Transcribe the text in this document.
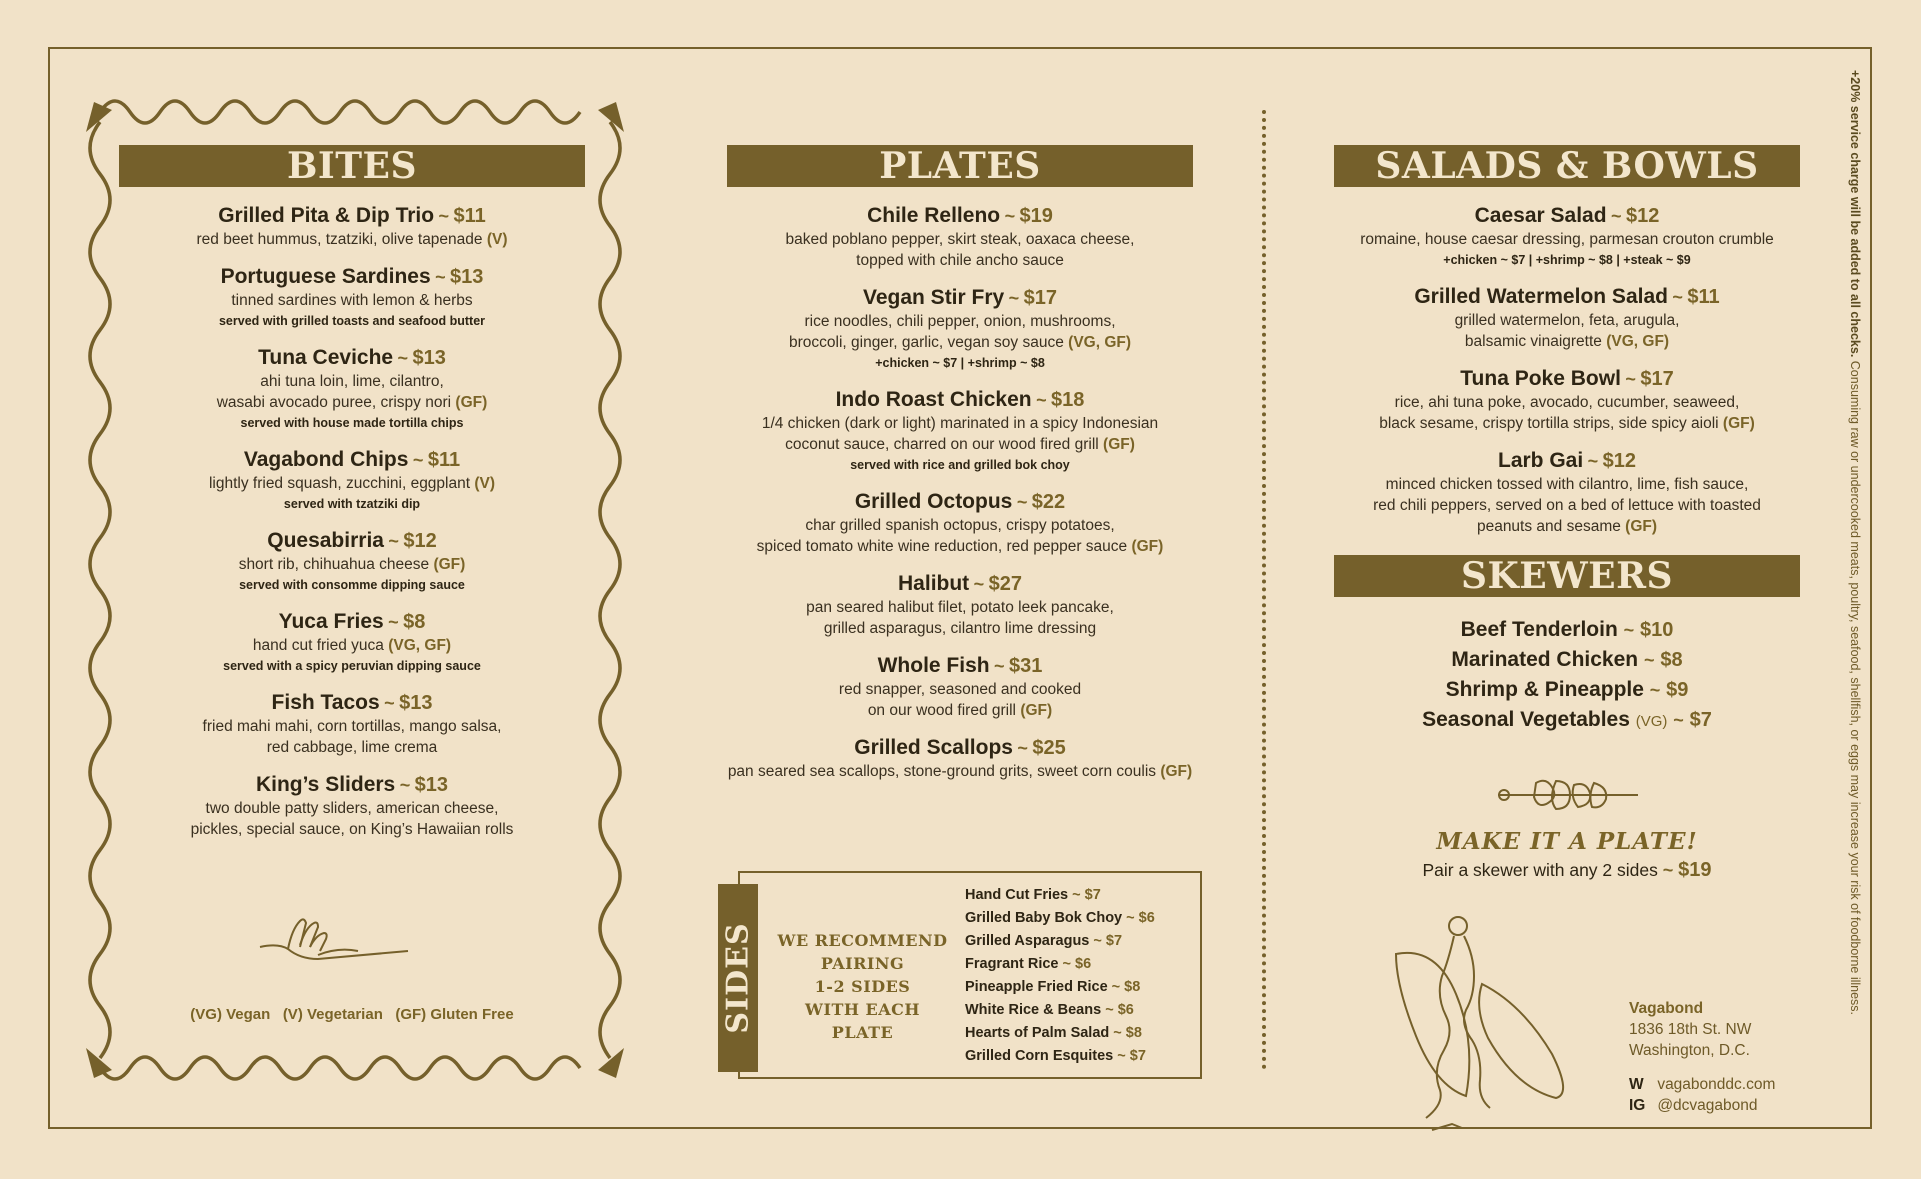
BITES
Grilled Pita & Dip Trio ~ $11
red beet hummus, tzatziki, olive tapenade (V)
Portuguese Sardines ~ $13
tinned sardines with lemon & herbs
served with grilled toasts and seafood butter
Tuna Ceviche ~ $13
ahi tuna loin, lime, cilantro,
wasabi avocado puree, crispy nori (GF)
served with house made tortilla chips
Vagabond Chips ~ $11
lightly fried squash, zucchini, eggplant (V)
served with tzatziki dip
Quesabirria ~ $12
short rib, chihuahua cheese (GF)
served with consomme dipping sauce
Yuca Fries ~ $8
hand cut fried yuca (VG, GF)
served with a spicy peruvian dipping sauce
Fish Tacos ~ $13
fried mahi mahi, corn tortillas, mango salsa,
red cabbage, lime crema
King’s Sliders ~ $13
two double patty sliders, american cheese,
pickles, special sauce, on King’s Hawaiian rolls
(VG) Vegan   (V) Vegetarian   (GF) Gluten Free
PLATES
Chile Relleno ~ $19
baked poblano pepper, skirt steak, oaxaca cheese,
topped with chile ancho sauce
Vegan Stir Fry ~ $17
rice noodles, chili pepper, onion, mushrooms,
broccoli, ginger, garlic, vegan soy sauce (VG, GF)
+chicken ~ $7 | +shrimp ~ $8
Indo Roast Chicken ~ $18
1/4 chicken (dark or light) marinated in a spicy Indonesian
coconut sauce, charred on our wood fired grill (GF)
served with rice and grilled bok choy
Grilled Octopus ~ $22
char grilled spanish octopus, crispy potatoes,
spiced tomato white wine reduction, red pepper sauce (GF)
Halibut ~ $27
pan seared halibut filet, potato leek pancake,
grilled asparagus, cilantro lime dressing
Whole Fish ~ $31
red snapper, seasoned and cooked
on our wood fired grill (GF)
Grilled Scallops ~ $25
pan seared sea scallops, stone-ground grits, sweet corn coulis (GF)
SIDES WE RECOMMEND
PAIRING
1-2 SIDES
WITH EACH PLATE
Hand Cut Fries ~ $7
Grilled Baby Bok Choy ~ $6
Grilled Asparagus ~ $7
Fragrant Rice ~ $6
Pineapple Fried Rice ~ $8
White Rice & Beans ~ $6
Hearts of Palm Salad ~ $8
Grilled Corn Esquites ~ $7
SALADS & BOWLS
Caesar Salad ~ $12
romaine, house caesar dressing, parmesan crouton crumble
+chicken ~ $7 | +shrimp ~ $8 | +steak ~ $9
Grilled Watermelon Salad ~ $11
grilled watermelon, feta, arugula,
balsamic vinaigrette (VG, GF)
Tuna Poke Bowl ~ $17
rice, ahi tuna poke, avocado, cucumber, seaweed,
black sesame, crispy tortilla strips, side spicy aioli (GF)
Larb Gai ~ $12
minced chicken tossed with cilantro, lime, fish sauce,
red chili peppers, served on a bed of lettuce with toasted
peanuts and sesame (GF)
SKEWERS
Beef Tenderloin ~ $10
Marinated Chicken ~ $8
Shrimp & Pineapple ~ $9
Seasonal Vegetables (VG) ~ $7
MAKE IT A PLATE!
Pair a skewer with any 2 sides ~ $19
Vagabond
1836 18th St. NW
Washington, D.C.
W vagabonddc.com
IG @dcvagabond
+20% service charge will be added to all checks. Consuming raw or undercooked meats, poultry, seafood, shellfish, or eggs may increase your risk of foodborne illness.
